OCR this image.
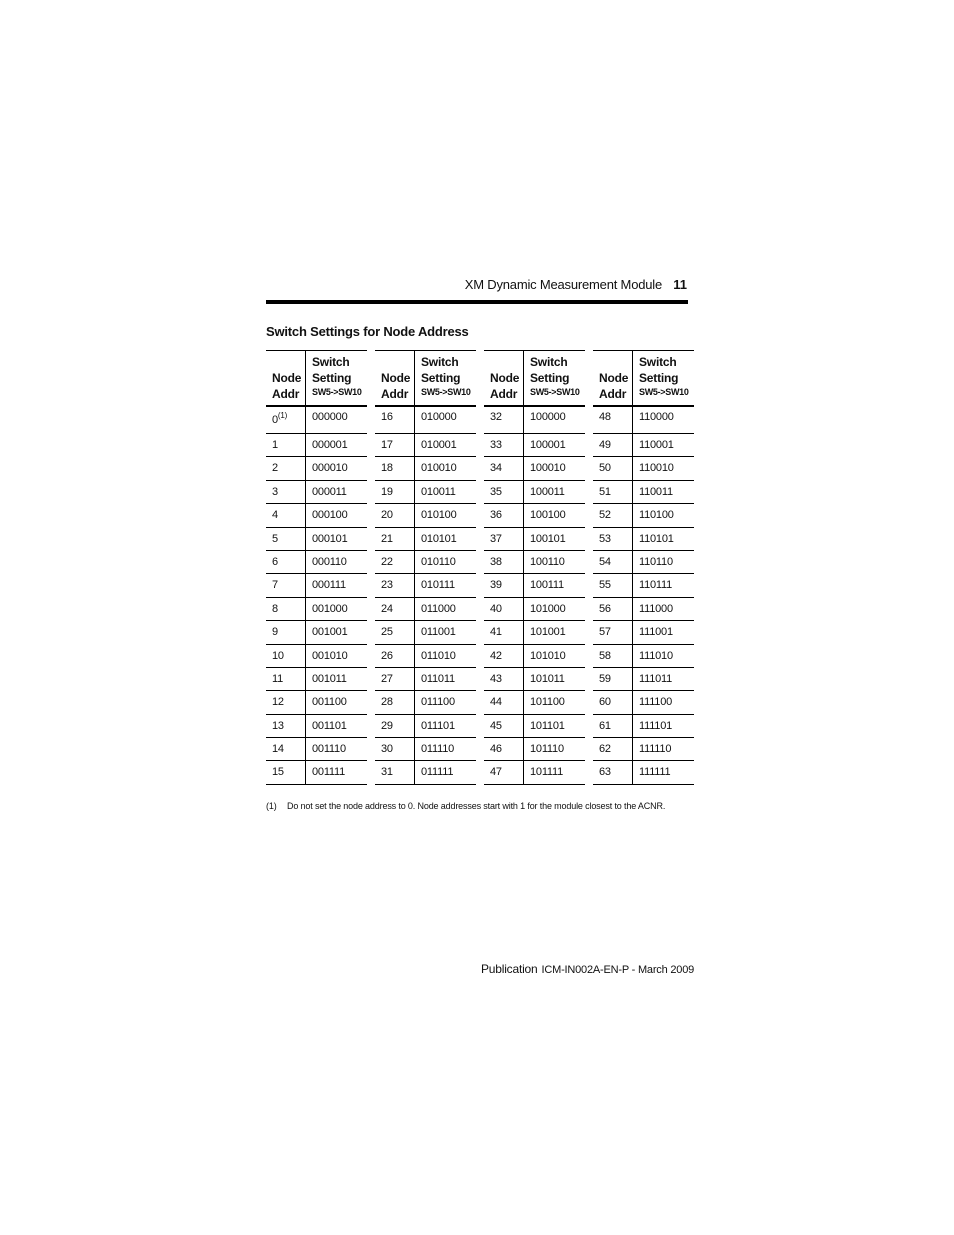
XM Dynamic Measurement Module 11
Switch Settings for Node Address
Node
Addr
Switch
Setting
SW5->SW10
0$^{(1)}$ 000000
1	000001
2	000010
3	000011
4	000100
5	000101
6	000110
7	000111
8	001000
9	001001
10	001010
11	001011
12	001100
13	001101
14	001110
15	001111
Node
Addr
Switch
Setting
SW5->SW10
16	010000
17	010001
18	010010
19	010011
20	010100
21	010101
22	010110
23	010111
24	011000
25	011001
26	011010
27	011011
28	011100
29	011101
30	011110
31	011111
Node
Addr
Switch
Setting
SW5->SW10
32	100000
33	100001
34	100010
35	100011
36	100100
37	100101
38	100110
39	100111
40	101000
41	101001
42	101010
43	101011
44	101100
45	101101
46	101110
47	101111
Node
Addr
Switch
Setting
SW5->SW10
48	110000
49	110001
50	110010
51	110011
52	110100
53	110101
54	110110
55	110111
56	111000
57	111001
58	111010
59	111011
60	111100
61	111101
62	111110
63	111111
(1) Do not set the node address to 0. Node addresses start with 1 for the module closest to the ACNR.
Publication ICM-IN002A-EN-P - March 2009
